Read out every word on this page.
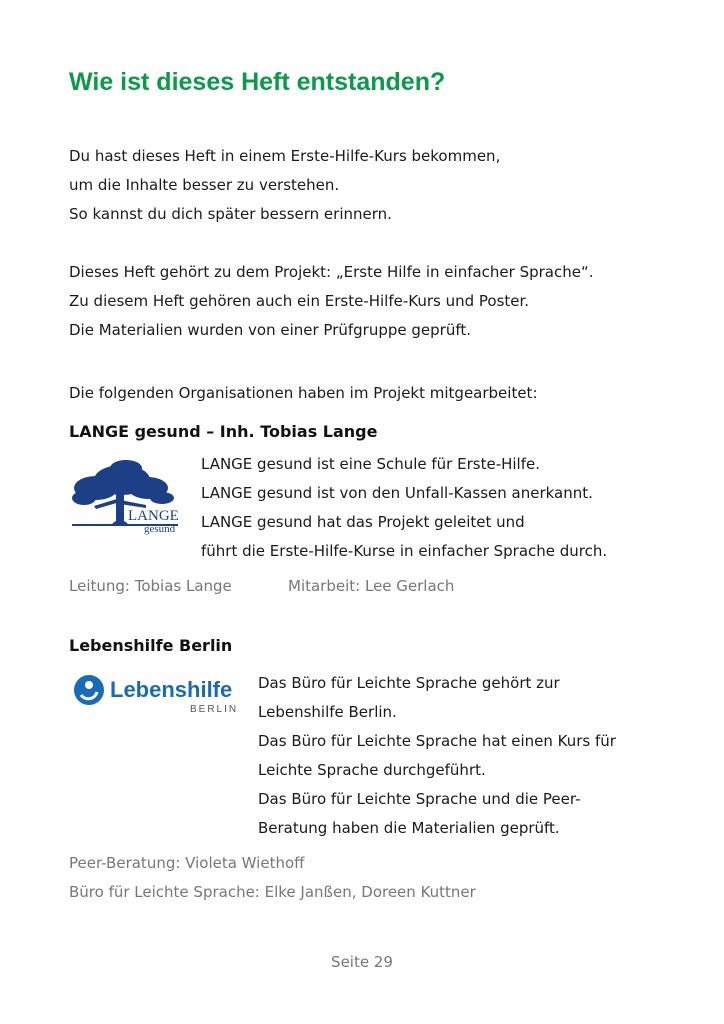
Wie ist dieses Heft entstanden?
Du hast dieses Heft in einem Erste-Hilfe-Kurs bekommen,
um die Inhalte besser zu verstehen.
So kannst du dich später bessern erinnern.
Dieses Heft gehört zu dem Projekt: „Erste Hilfe in einfacher Sprache“.
Zu diesem Heft gehören auch ein Erste-Hilfe-Kurs und Poster.
Die Materialien wurden von einer Prüfgruppe geprüft.
Die folgenden Organisationen haben im Projekt mitgearbeitet:
LANGE gesund – Inh. Tobias Lange
LANGE
gesund
LANGE gesund ist eine Schule für Erste-Hilfe.
LANGE gesund ist von den Unfall-Kassen anerkannt.
LANGE gesund hat das Projekt geleitet und
führt die Erste-Hilfe-Kurse in einfacher Sprache durch.
Leitung: Tobias Lange	Mitarbeit: Lee Gerlach
Lebenshilfe Berlin
Lebenshilfe
BERLIN
Das Büro für Leichte Sprache gehört zur
Lebenshilfe Berlin.
Das Büro für Leichte Sprache hat einen Kurs für
Leichte Sprache durchgeführt.
Das Büro für Leichte Sprache und die Peer-
Beratung haben die Materialien geprüft.
Peer-Beratung: Violeta Wiethoff
Büro für Leichte Sprache: Elke Janßen, Doreen Kuttner
Seite 29
